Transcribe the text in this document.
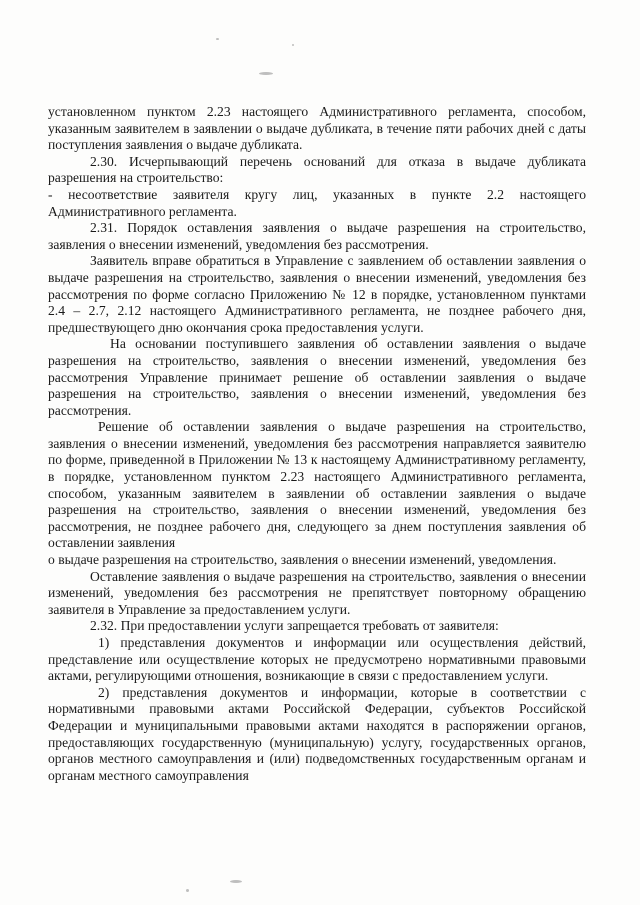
установленном пунктом 2.23 настоящего Административного регламента, способом, указанным заявителем в заявлении о выдаче дубликата, в течение пяти рабочих дней с даты поступления заявления о выдаче дубликата.

2.30. Исчерпывающий перечень оснований для отказа в выдаче дубликата разрешения на строительство:

- несоответствие заявителя кругу лиц, указанных в пункте 2.2 настоящего Административного регламента.

2.31. Порядок оставления заявления о выдаче разрешения на строительство, заявления о внесении изменений, уведомления без рассмотрения.

Заявитель вправе обратиться в Управление с заявлением об оставлении заявления о выдаче разрешения на строительство, заявления о внесении изменений, уведомления без рассмотрения по форме согласно Приложению № 12 в порядке, установленном пунктами 2.4 – 2.7, 2.12 настоящего Административного регламента, не позднее рабочего дня, предшествующего дню окончания срока предоставления услуги.

На основании поступившего заявления об оставлении заявления о выдаче разрешения на строительство, заявления о внесении изменений, уведомления без рассмотрения Управление принимает решение об оставлении заявления о выдаче разрешения на строительство, заявления о внесении изменений, уведомления без рассмотрения.

Решение об оставлении заявления о выдаче разрешения на строительство, заявления о внесении изменений, уведомления без рассмотрения направляется заявителю по форме, приведенной в Приложении № 13 к настоящему Административному регламенту, в порядке, установленном пунктом 2.23 настоящего Административного регламента, способом, указанным заявителем в заявлении об оставлении заявления о выдаче разрешения на строительство, заявления о внесении изменений, уведомления без рассмотрения, не позднее рабочего дня, следующего за днем поступления заявления об оставлении заявления

о выдаче разрешения на строительство, заявления о внесении изменений, уведомления.

Оставление заявления о выдаче разрешения на строительство, заявления о внесении изменений, уведомления без рассмотрения не препятствует повторному обращению заявителя в Управление за предоставлением услуги.

2.32. При предоставлении услуги запрещается требовать от заявителя:

1) представления документов и информации или осуществления действий, представление или осуществление которых не предусмотрено нормативными правовыми актами, регулирующими отношения, возникающие в связи с предоставлением услуги.

2) представления документов и информации, которые в соответствии с нормативными правовыми актами Российской Федерации, субъектов Российской Федерации и муниципальными правовыми актами находятся в распоряжении органов, предоставляющих государственную (муниципальную) услугу, государственных органов, органов местного самоуправления и (или) подведомственных государственным органам и органам местного самоуправления
